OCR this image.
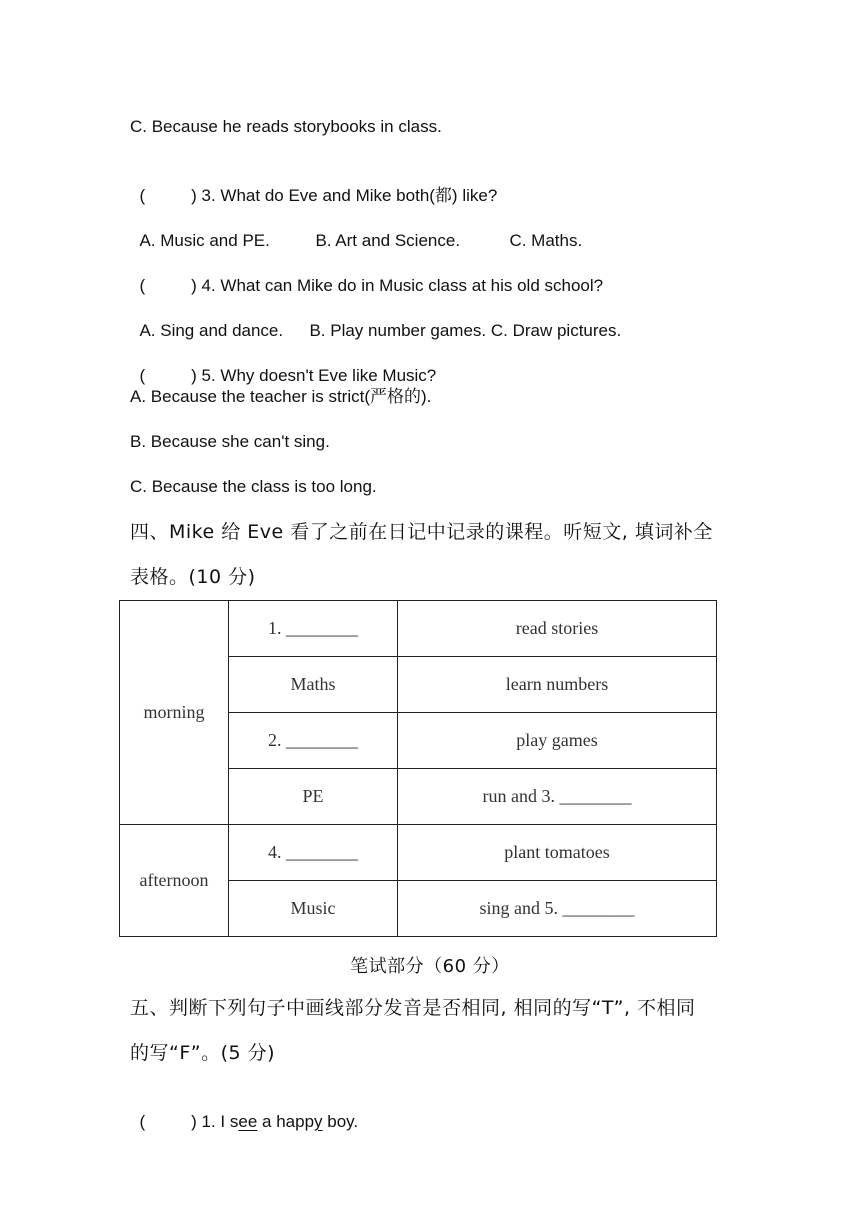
C. Because he reads storybooks in class.

(	) 3. What do Eve and Mike both(都) like?

A. Music and PE.	B. Art and Science.	C. Maths.

(	) 4. What can Mike do in Music class at his old school?

A. Sing and dance. B. Play number games. C. Draw pictures.

(	) 5. Why doesn't Eve like Music?

A. Because the teacher is strict(严格的).
B. Because she can't sing.
C. Because the class is too long.
四、Mike 给 Eve 看了之前在日记中记录的课程。听短文, 填词补全
表格。(10 分)
morning	1. ________	read stories
	Maths	learn numbers
	2. ________	play games
	PE	run and 3. ________
afternoon	4. ________	plant tomatoes
	Music	sing and 5. ________
笔试部分（60 分）
五、判断下列句子中画线部分发音是否相同, 相同的写“T”, 不相同
的写“F”。(5 分)

(	) 1. I see a happy boy.
